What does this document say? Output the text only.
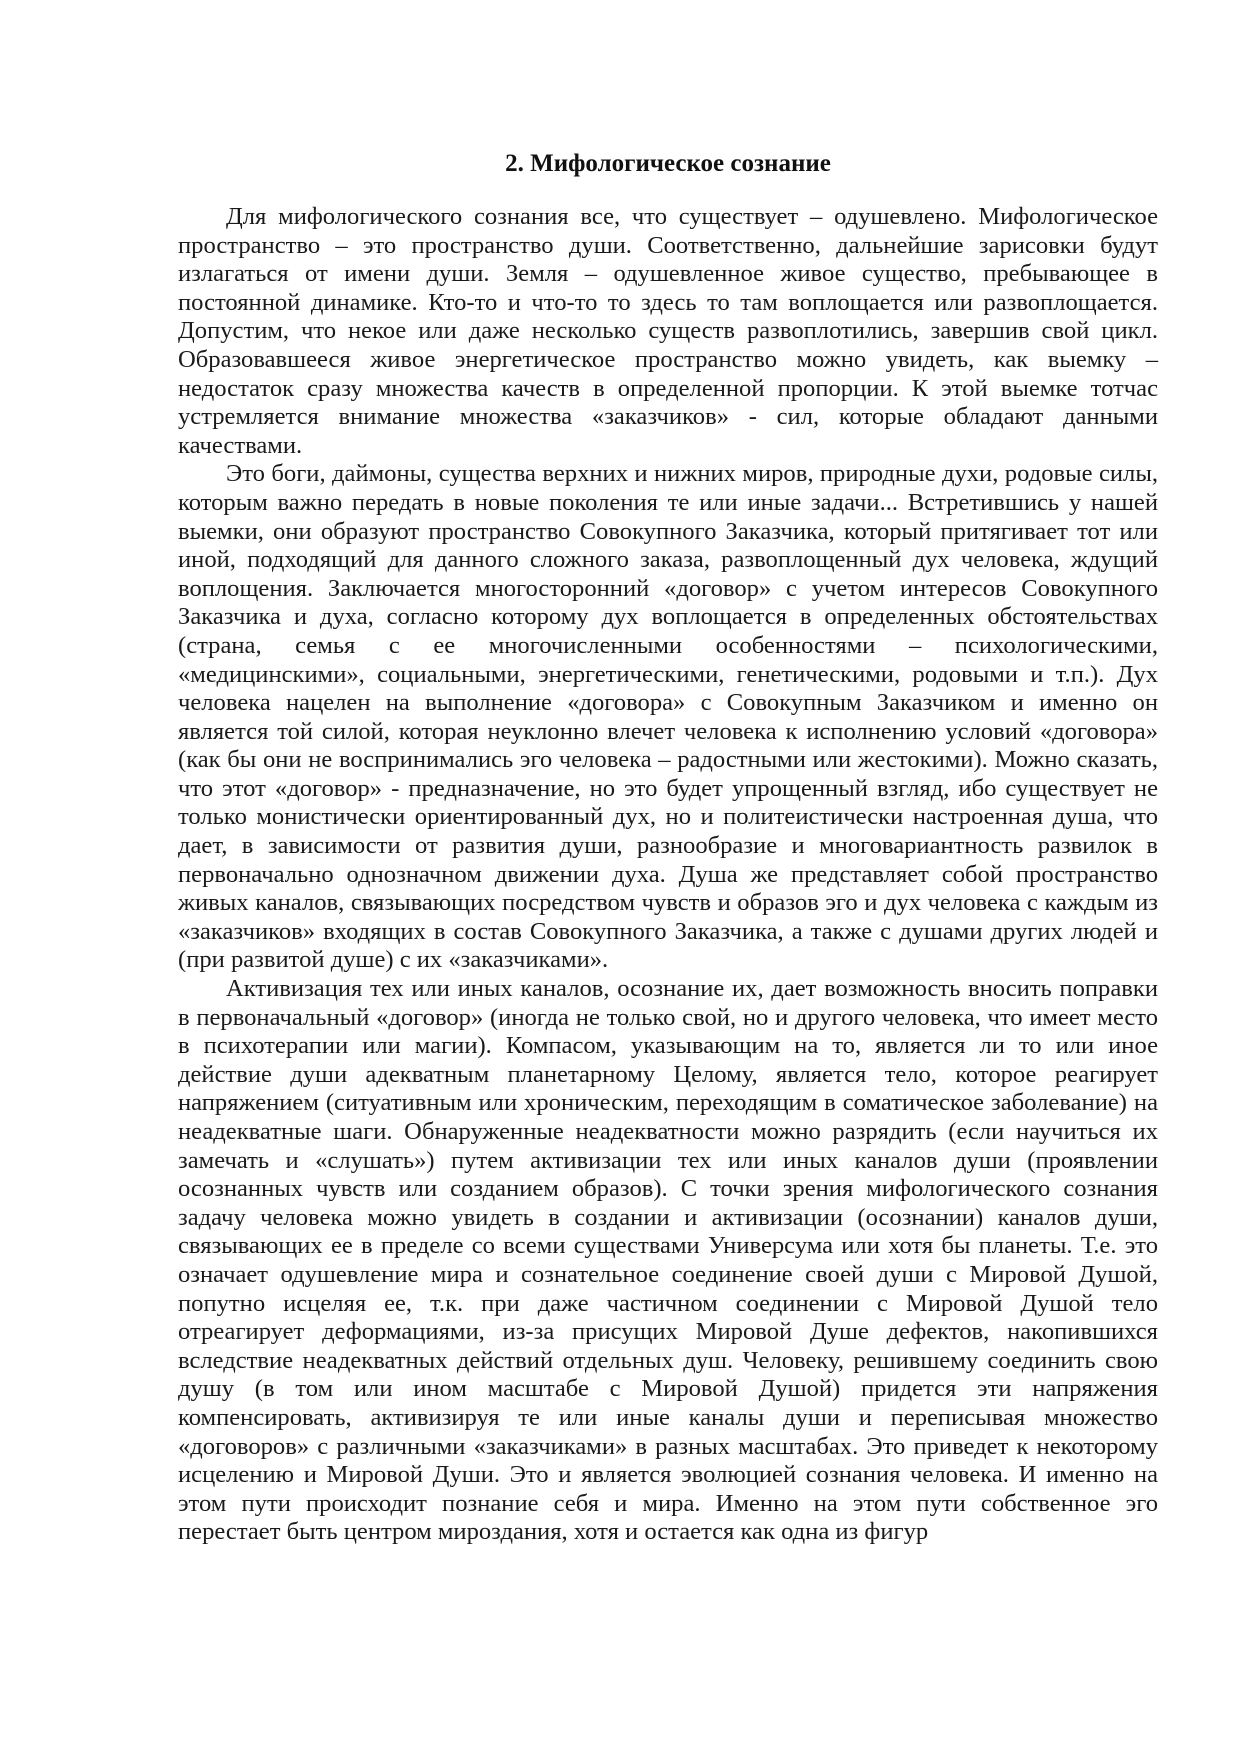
2. Мифологическое сознание

Для мифологического сознания все, что существует – одушевлено. Мифологическое пространство – это пространство души. Соответственно, дальнейшие зарисовки будут излагаться от имени души. Земля – одушевленное живое существо, пребывающее в постоянной динамике. Кто-то и что-то то здесь то там воплощается или развоплощается. Допустим, что некое или даже несколько существ развоплотились, завершив свой цикл. Образовавшееся живое энергетическое пространство можно увидеть, как выемку – недостаток сразу множества качеств в определенной пропорции. К этой выемке тотчас устремляется внимание множества «заказчиков» - сил, которые обладают данными качествами.

Это боги, даймоны, существа верхних и нижних миров, природные духи, родовые силы, которым важно передать в новые поколения те или иные задачи... Встретившись у нашей выемки, они образуют пространство Совокупного Заказчика, который притягивает тот или иной, подходящий для данного сложного заказа, развоплощенный дух человека, ждущий воплощения. Заключается многосторонний «договор» с учетом интересов Совокупного Заказчика и духа, согласно которому дух воплощается в определенных обстоятельствах (страна, семья с ее многочисленными особенностями – психологическими, «медицинскими», социальными, энергетическими, генетическими, родовыми и т.п.). Дух человека нацелен на выполнение «договора» с Совокупным Заказчиком и именно он является той силой, которая неуклонно влечет человека к исполнению условий «договора» (как бы они не воспринимались эго человека – радостными или жестокими). Можно сказать, что этот «договор» - предназначение, но это будет упрощенный взгляд, ибо существует не только монистически ориентированный дух, но и политеистически настроенная душа, что дает, в зависимости от развития души, разнообразие и многовариантность развилок в первоначально однозначном движении духа. Душа же представляет собой пространство живых каналов, связывающих посредством чувств и образов эго и дух человека с каждым из «заказчиков» входящих в состав Совокупного Заказчика, а также с душами других людей и (при развитой душе) с их «заказчиками».

Активизация тех или иных каналов, осознание их, дает возможность вносить поправки в первоначальный «договор» (иногда не только свой, но и другого человека, что имеет место в психотерапии или магии). Компасом, указывающим на то, является ли то или иное действие души адекватным планетарному Целому, является тело, которое реагирует напряжением (ситуативным или хроническим, переходящим в соматическое заболевание) на неадекватные шаги. Обнаруженные неадекватности можно разрядить (если научиться их замечать и «слушать») путем активизации тех или иных каналов души (проявлении осознанных чувств или созданием образов). С точки зрения мифологического сознания задачу человека можно увидеть в создании и активизации (осознании) каналов души, связывающих ее в пределе со всеми существами Универсума или хотя бы планеты. Т.е. это означает одушевление мира и сознательное соединение своей души с Мировой Душой, попутно исцеляя ее, т.к. при даже частичном соединении с Мировой Душой тело отреагирует деформациями, из-за присущих Мировой Душе дефектов, накопившихся вследствие неадекватных действий отдельных душ. Человеку, решившему соединить свою душу (в том или ином масштабе с Мировой Душой) придется эти напряжения компенсировать, активизируя те или иные каналы души и переписывая множество «договоров» с различными «заказчиками» в разных масштабах. Это приведет к некоторому исцелению и Мировой Души. Это и является эволюцией сознания человека. И именно на этом пути происходит познание себя и мира. Именно на этом пути собственное эго перестает быть центром мироздания, хотя и остается как одна из фигур
